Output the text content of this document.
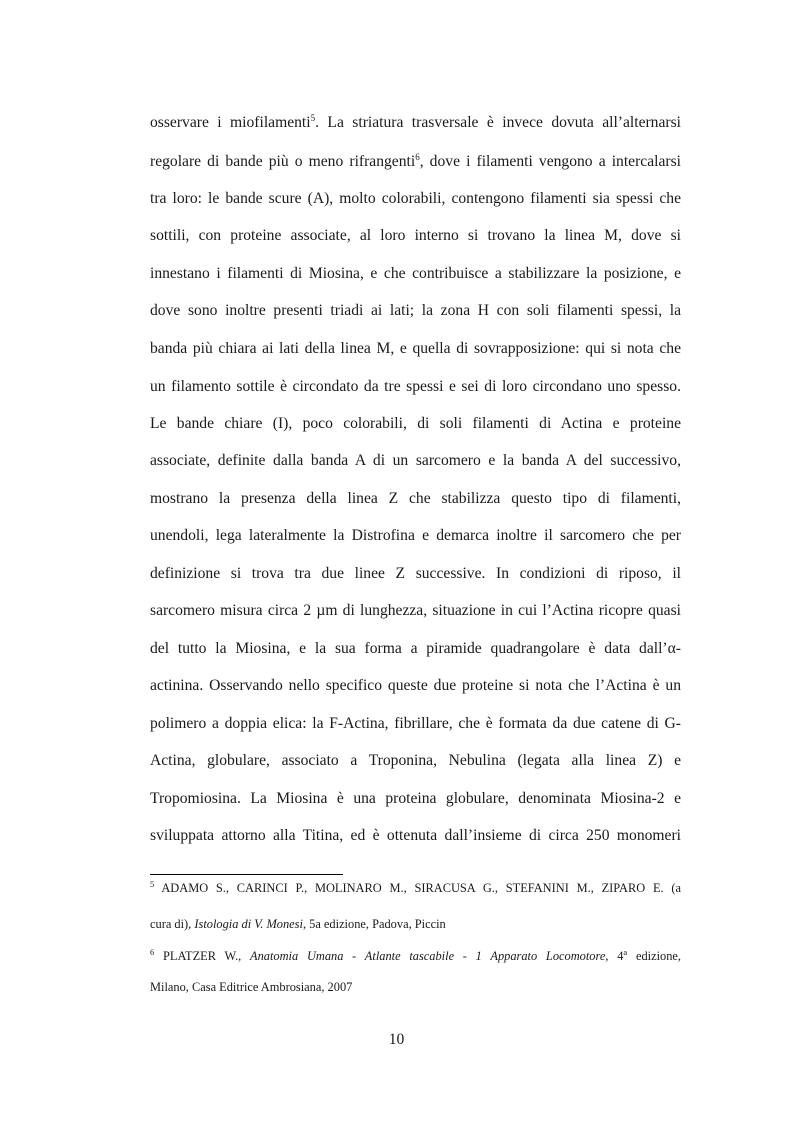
osservare i miofilamenti$^5$. La striatura trasversale è invece dovuta all’alternarsi
regolare di bande più o meno rifrangenti$^6$, dove i filamenti vengono a intercalarsi
tra loro: le bande scure (A), molto colorabili, contengono filamenti sia spessi che
sottili, con proteine associate, al loro interno si trovano la linea M, dove si
innestano i filamenti di Miosina, e che contribuisce a stabilizzare la posizione, e
dove sono inoltre presenti triadi ai lati; la zona H con soli filamenti spessi, la
banda più chiara ai lati della linea M, e quella di sovrapposizione: qui si nota che
un filamento sottile è circondato da tre spessi e sei di loro circondano uno spesso.
Le bande chiare (I), poco colorabili, di soli filamenti di Actina e proteine
associate, definite dalla banda A di un sarcomero e la banda A del successivo,
mostrano la presenza della linea Z che stabilizza questo tipo di filamenti,
unendoli, lega lateralmente la Distrofina e demarca inoltre il sarcomero che per
definizione si trova tra due linee Z successive. In condizioni di riposo, il
sarcomero misura circa 2 µm di lunghezza, situazione in cui l’Actina ricopre quasi
del tutto la Miosina, e la sua forma a piramide quadrangolare è data dall’α-
actinina. Osservando nello specifico queste due proteine si nota che l’Actina è un
polimero a doppia elica: la F-Actina, fibrillare, che è formata da due catene di G-
Actina, globulare, associato a Troponina, Nebulina (legata alla linea Z) e
Tropomiosina. La Miosina è una proteina globulare, denominata Miosina-2 e
sviluppata attorno alla Titina, ed è ottenuta dall’insieme di circa 250 monomeri
$^5$ ADAMO S., CARINCI P., MOLINARO M., SIRACUSA G., STEFANINI M., ZIPARO E. (a
cura di), Istologia di V. Monesi, 5a edizione, Padova, Piccin
$^6$ PLATZER W., Anatomia Umana - Atlante tascabile - 1 Apparato Locomotore, 4$^a$ edizione,
Milano, Casa Editrice Ambrosiana, 2007
10
